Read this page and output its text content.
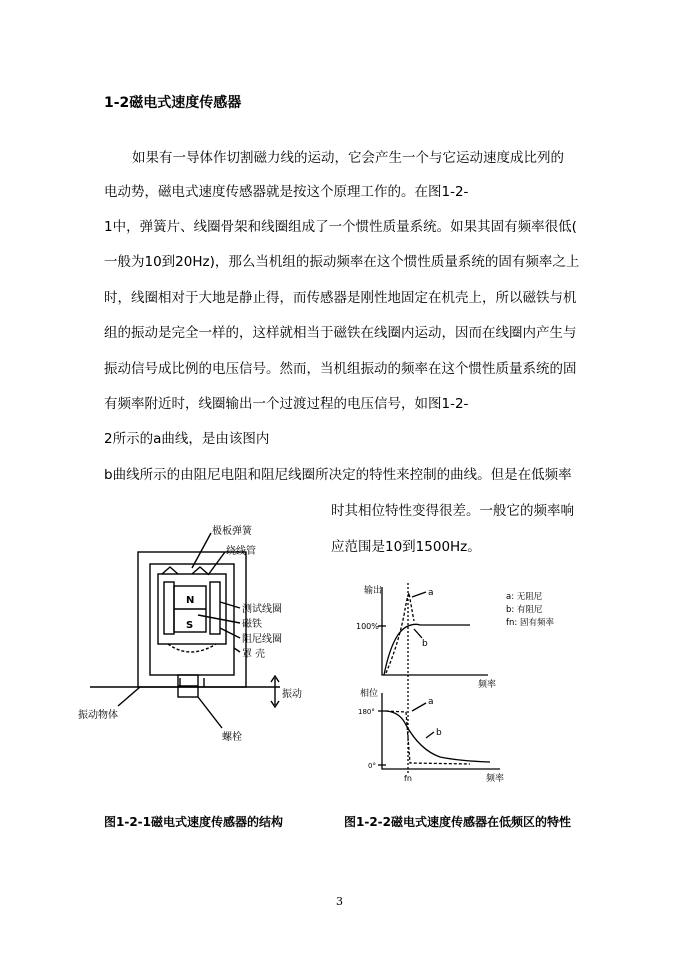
1-2磁电式速度传感器
如果有一导体作切割磁力线的运动，它会产生一个与它运动速度成比列的
电动势，磁电式速度传感器就是按这个原理工作的。在图1-2-
1中，弹簧片、线圈骨架和线圈组成了一个惯性质量系统。如果其固有频率很低(
一般为10到20Hz)，那么当机组的振动频率在这个惯性质量系统的固有频率之上
时，线圈相对于大地是静止得，而传感器是刚性地固定在机壳上，所以磁铁与机
组的振动是完全一样的，这样就相当于磁铁在线圈内运动，因而在线圈内产生与
振动信号成比例的电压信号。然而，当机组振动的频率在这个惯性质量系统的固
有频率附近时，线圈输出一个过渡过程的电压信号，如图1-2-
2所示的a曲线，是由该图内
b曲线所示的由阻尼电阻和阻尼线圈所决定的特性来控制的曲线。但是在低频率
时其相位特性变得很差。一般它的频率响
应范围是10到1500Hz。
N
S
极板弹簧
绕线管
测试线圈
磁铁
阻尼线圈
罩 壳
振动
振动物体
螺栓
输出
100%
频率
a
b
a: 无阻尼
b: 有阻尼
fn: 固有频率
相位
180°
0°
fn	频率
a
b
图1-2-1磁电式速度传感器的结构	图1-2-2磁电式速度传感器在低频区的特性
3
